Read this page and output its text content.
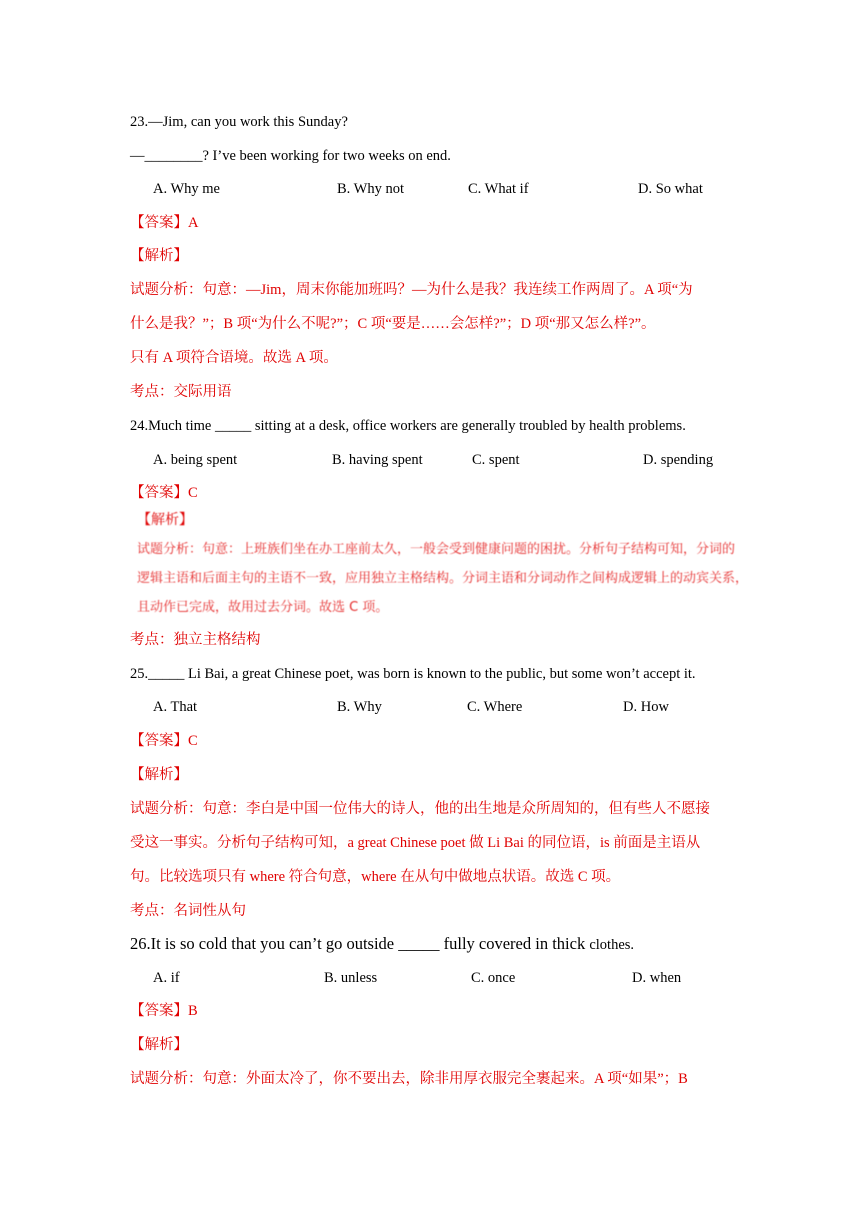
23.—Jim, can you work this Sunday?
—________? I’ve been working for two weeks on end.
A. Why me	B. Why not	C. What if	D. So what
【答案】A
【解析】
试题分析：句意：—Jim，周末你能加班吗？—为什么是我？我连续工作两周了。A 项“为
什么是我？”；B 项“为什么不呢?”；C 项“要是……会怎样?”；D 项“那又怎么样?”。
只有 A 项符合语境。故选 A 项。
考点：交际用语
24.Much time _____ sitting at a desk, office workers are generally troubled by health problems.
A. being spent	B. having spent	C. spent	D. spending
【答案】C
【解析】
试题分析：句意：上班族们坐在办工座前太久，一般会受到健康问题的困扰。分析句子结构可知，分词的
逻辑主语和后面主句的主语不一致，应用独立主格结构。分词主语和分词动作之间构成逻辑上的动宾关系，
且动作已完成，故用过去分词。故选 C 项。
考点：独立主格结构
25._____ Li Bai, a great Chinese poet, was born is known to the public, but some won’t accept it.
A. That	B. Why	C. Where	D. How
【答案】C
【解析】
试题分析：句意：李白是中国一位伟大的诗人，他的出生地是众所周知的，但有些人不愿接
受这一事实。分析句子结构可知，a great Chinese poet 做 Li Bai 的同位语，is 前面是主语从
句。比较选项只有 where 符合句意，where 在从句中做地点状语。故选 C 项。
考点：名词性从句
26.It is so cold that you can’t go outside _____ fully covered in thick clothes.
A. if	B. unless	C. once	D. when
【答案】B
【解析】
试题分析：句意：外面太冷了，你不要出去，除非用厚衣服完全裹起来。A 项“如果”；B
